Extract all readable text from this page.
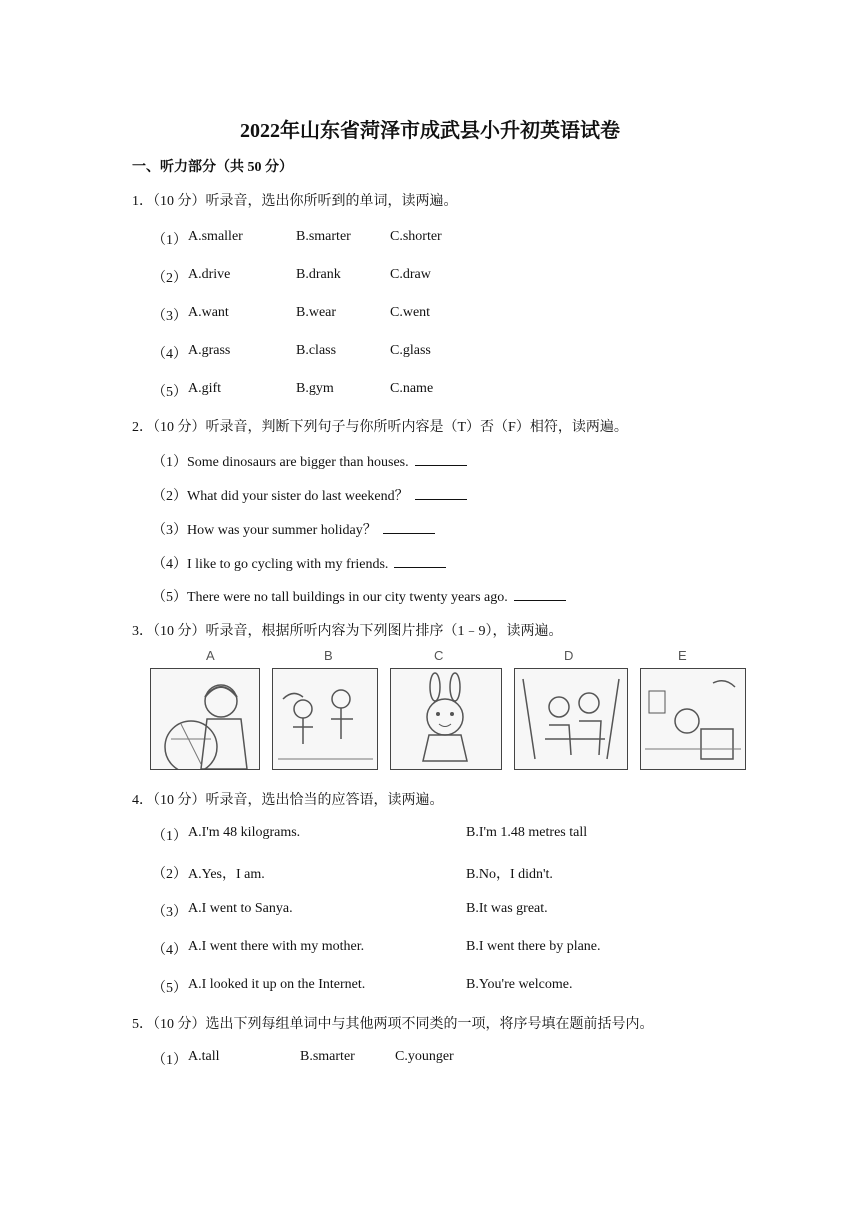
2022年山东省菏泽市成武县小升初英语试卷
一、听力部分（共 50 分）
1．（10 分）听录音，选出你所听到的单词，读两遍。
（1） A.smaller	B.smarter	C.shorter
（2） A.drive	B.drank	C.draw
（3） A.want	B.wear	C.went
（4） A.grass	B.class	C.glass
（5） A.gift	B.gym	C.name
2．（10 分）听录音，判断下列句子与你所听内容是（T）否（F）相符，读两遍。
（1）Some dinosaurs are bigger than houses.
（2）What did your sister do last weekend？
（3）How was your summer holiday？
（4）I like to go cycling with my friends.
（5）There were no tall buildings in our city twenty years ago.
3．（10 分）听录音，根据所听内容为下列图片排序（1﹣9），读两遍。
A	B	C	D	E
4．（10 分）听录音，选出恰当的应答语，读两遍。
（1） A.I'm 48 kilograms.	B.I'm 1.48 metres tall
（2） A.Yes，I am.	B.No，I didn't.
（3） A.I went to Sanya.	B.It was great.
（4） A.I went there with my mother.	B.I went there by plane.
（5） A.I looked it up on the Internet.	B.You're welcome.
5．（10 分）选出下列每组单词中与其他两项不同类的一项，将序号填在题前括号内。
（1） A.tall	B.smarter	C.younger
